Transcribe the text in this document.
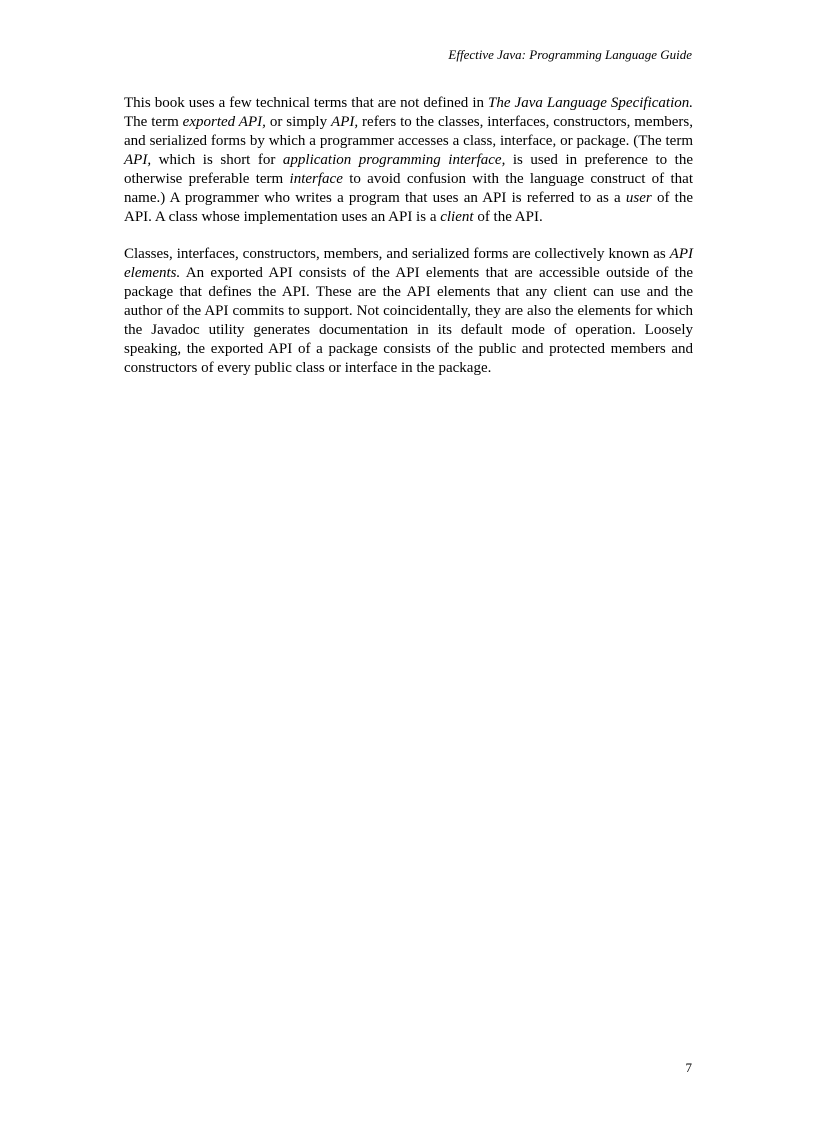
Effective Java: Programming Language Guide

This book uses a few technical terms that are not defined in The Java Language Specification. The term exported API, or simply API, refers to the classes, interfaces, constructors, members, and serialized forms by which a programmer accesses a class, interface, or package. (The term API, which is short for application programming interface, is used in preference to the otherwise preferable term interface to avoid confusion with the language construct of that name.) A programmer who writes a program that uses an API is referred to as a user of the API. A class whose implementation uses an API is a client of the API.

Classes, interfaces, constructors, members, and serialized forms are collectively known as API elements. An exported API consists of the API elements that are accessible outside of the package that defines the API. These are the API elements that any client can use and the author of the API commits to support. Not coincidentally, they are also the elements for which the Javadoc utility generates documentation in its default mode of operation. Loosely speaking, the exported API of a package consists of the public and protected members and constructors of every public class or interface in the package.

7
